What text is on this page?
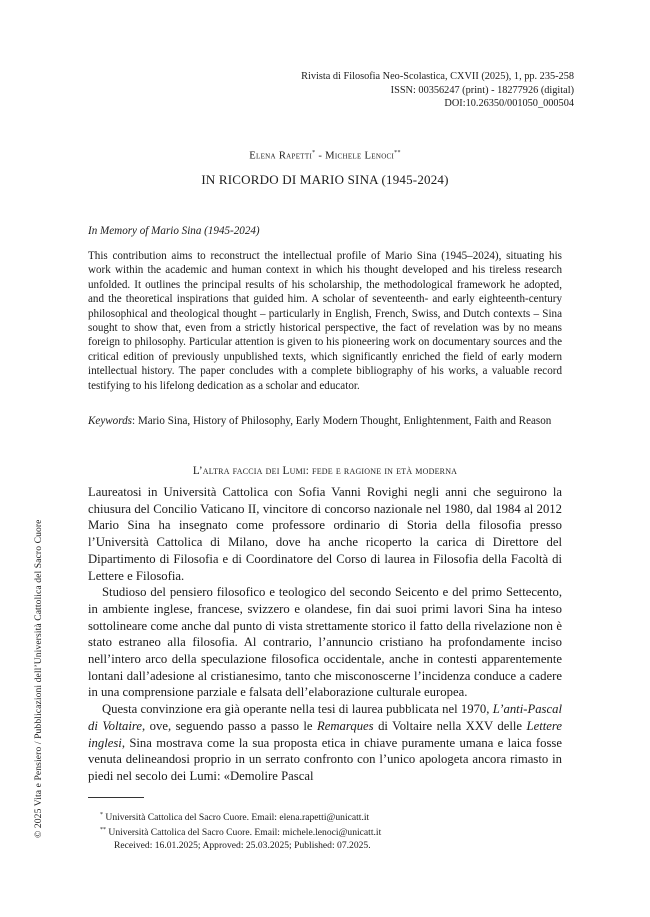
Rivista di Filosofia Neo-Scolastica, CXVII (2025), 1, pp. 235-258
ISSN: 00356247 (print) - 18277926 (digital)
DOI:10.26350/001050_000504
Elena Rapetti* - Michele Lenoci**
IN RICORDO DI MARIO SINA (1945-2024)
In Memory of Mario Sina (1945-2024)
This contribution aims to reconstruct the intellectual profile of Mario Sina (1945–2024), situating his work within the academic and human context in which his thought developed and his tireless research unfolded. It outlines the principal results of his scholarship, the methodological framework he adopted, and the theoretical inspirations that guided him. A scholar of seventeenth- and early eighteenth-century philosophical and theological thought – particularly in English, French, Swiss, and Dutch contexts – Sina sought to show that, even from a strictly historical perspective, the fact of revelation was by no means foreign to philosophy. Particular attention is given to his pioneering work on documentary sources and the critical edition of previously unpublished texts, which significantly enriched the field of early modern intellectual history. The paper concludes with a complete bibliography of his works, a valuable record testifying to his lifelong dedication as a scholar and educator.
Keywords: Mario Sina, History of Philosophy, Early Modern Thought, Enlightenment, Faith and Reason
L’altra faccia dei Lumi: fede e ragione in età moderna

Laureatosi in Università Cattolica con Sofia Vanni Rovighi negli anni che seguirono la chiusura del Concilio Vaticano II, vincitore di concorso nazionale nel 1980, dal 1984 al 2012 Mario Sina ha insegnato come professore ordinario di Storia della filosofia presso l’Università Cattolica di Milano, dove ha anche ricoperto la carica di Direttore del Dipartimento di Filosofia e di Coordinatore del Corso di laurea in Filosofia della Facoltà di Lettere e Filosofia.

Studioso del pensiero filosofico e teologico del secondo Seicento e del primo Settecento, in ambiente inglese, francese, svizzero e olandese, fin dai suoi primi lavori Sina ha inteso sottolineare come anche dal punto di vista strettamente storico il fatto della rivelazione non è stato estraneo alla filosofia. Al contrario, l’annuncio cristiano ha profondamente inciso nell’intero arco della speculazione filosofica occidentale, anche in contesti apparentemente lontani dall’adesione al cristianesimo, tanto che misconoscerne l’incidenza conduce a cadere in una comprensione parziale e falsata dell’elaborazione culturale europea.

Questa convinzione era già operante nella tesi di laurea pubblicata nel 1970, L’anti-Pascal di Voltaire, ove, seguendo passo a passo le Remarques di Voltaire nella XXV delle Lettere inglesi, Sina mostrava come la sua proposta etica in chiave puramente umana e laica fosse venuta delineandosi proprio in un serrato confronto con l’unico apologeta ancora rimasto in piedi nel secolo dei Lumi: «Demolire Pascal

* Università Cattolica del Sacro Cuore. Email: elena.rapetti@unicatt.it
** Università Cattolica del Sacro Cuore. Email: michele.lenoci@unicatt.it
Received: 16.01.2025; Approved: 25.03.2025; Published: 07.2025.
© 2025 Vita e Pensiero / Pubblicazioni dell’Università Cattolica del Sacro Cuore
